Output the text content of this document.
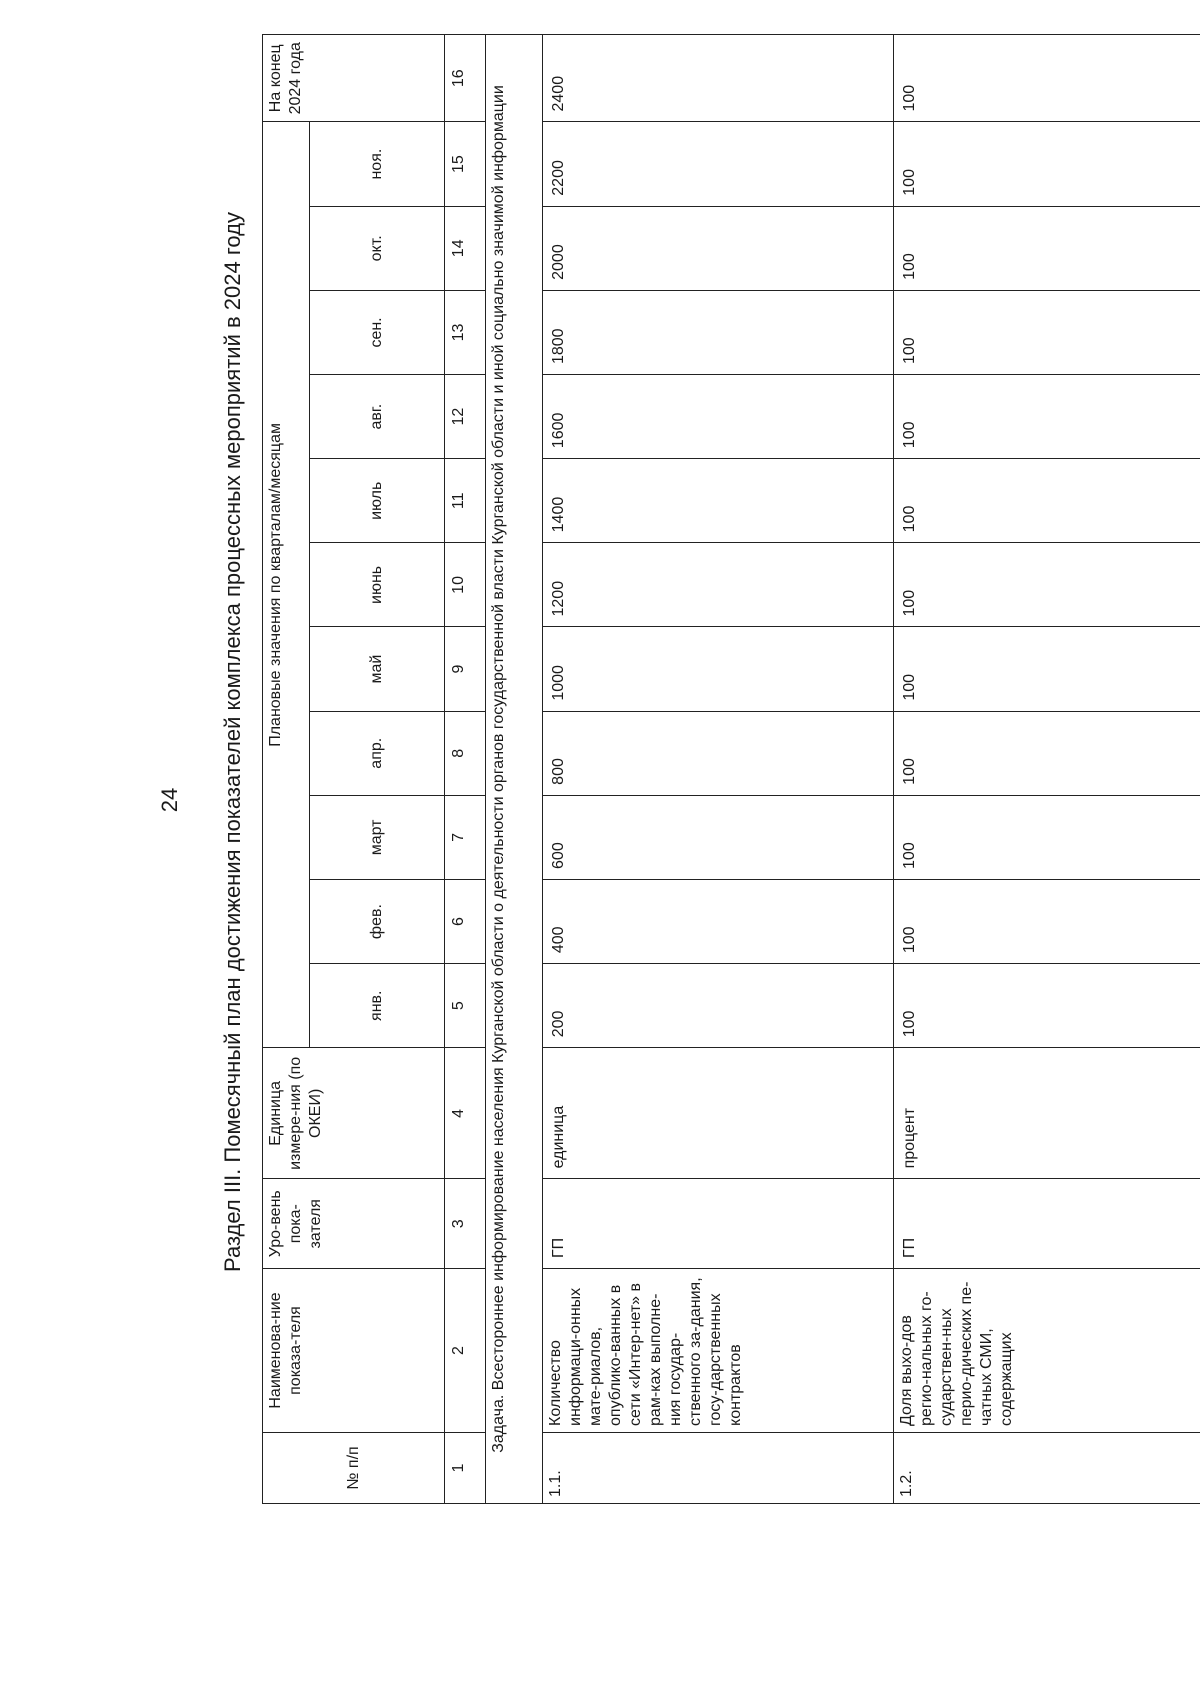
24 Раздел III. Помесячный план достижения показателей комплекса процессных мероприятий в 2024 году
№ п/п	Наименова-ние показа-теля	Уро-вень пока-зателя	Единица измере-ния (по ОКЕИ)	Плановые значения по кварталам/месяцам											На конец 2024 года
				янв.	фев.	март	апр.	май	июнь	июль	авг.	сен.	окт.	ноя.	
1	2	3	4	5	6	7	8	9	10	11	12	13	14	15	16
Задача. Всестороннее информирование населения Курганской области о деятельности органов государственной власти Курганской области и иной социально значимой информации															
1.1.	Количество информаци-онных мате-риалов, опублико-ванных в сети «Интер-нет» в рам-ках выполне-ния государ-ственного за-дания, госу-дарственных контрактов	ГП	единица	200	400	600	800	1000	1200	1400	1600	1800	2000	2200	2400
1.2.	Доля выхо-дов регио-нальных го-сударствен-ных перио-дических пе-чатных СМИ, содержащих	ГП	процент	100	100	100	100	100	100	100	100	100	100	100	100
